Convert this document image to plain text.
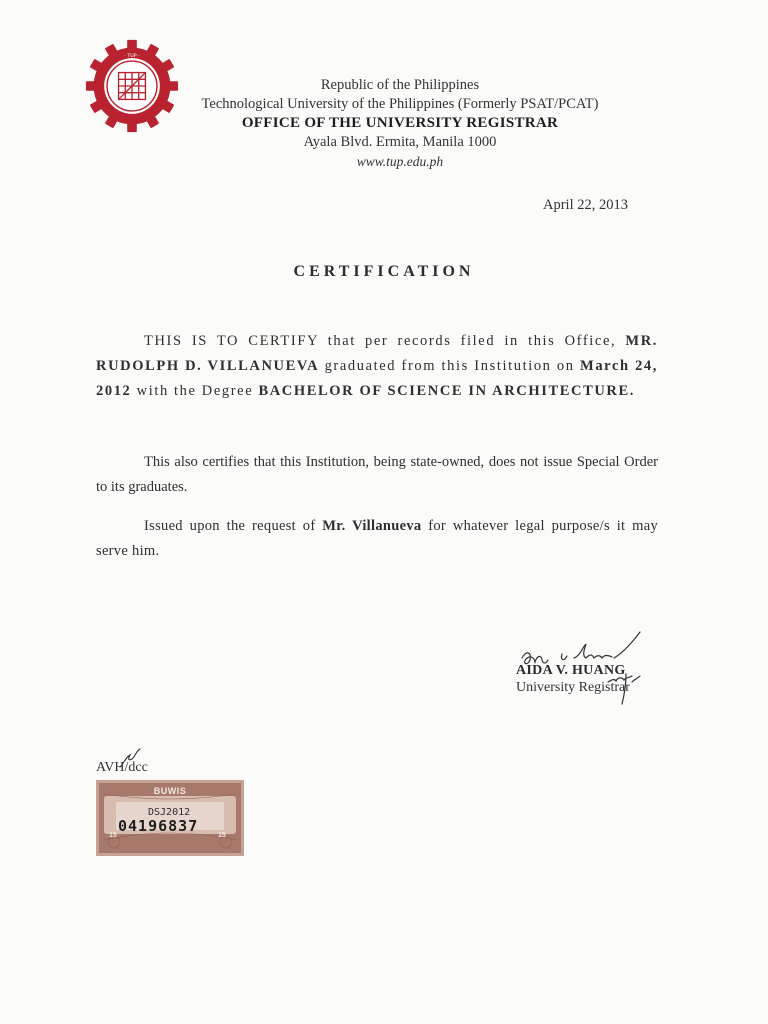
· TUP ·
Republic of the Philippines
Technological University of the Philippines (Formerly PSAT/PCAT)
OFFICE OF THE UNIVERSITY REGISTRAR
Ayala Blvd. Ermita, Manila 1000
www.tup.edu.ph
April 22, 2013
CERTIFICATION
THIS IS TO CERTIFY that per records filed in this Office, MR. RUDOLPH D. VILLANUEVA graduated from this Institution on March 24, 2012 with the Degree BACHELOR OF SCIENCE IN ARCHITECTURE.
This also certifies that this Institution, being state-owned, does not issue Special Order to its graduates.
Issued upon the request of Mr. Villanueva for whatever legal purpose/s it may serve him.
AIDA V. HUANG
University Registrar
AVH/dcc
BUWIS
DSJ2012
04196837
15	15
